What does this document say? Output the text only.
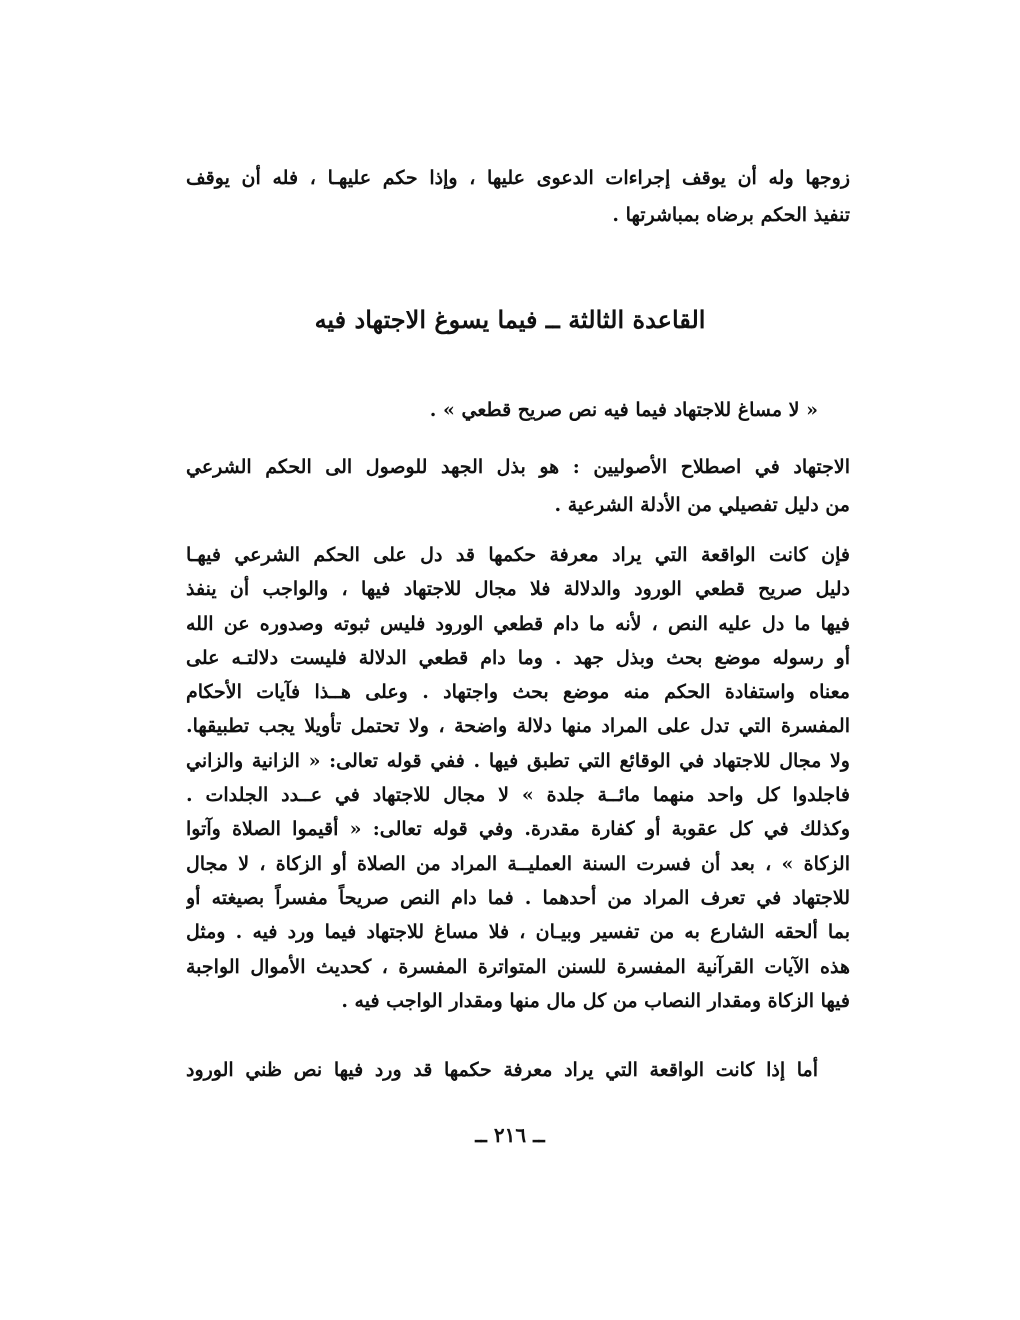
زوجها وله أن يوقف إجراءات الدعوى عليها ، وإذا حكم عليهـا ، فله أن يوقف
تنفيذ الحكم برضاه بمباشرتها .
القاعدة الثالثة ــ فيما يسوغ الاجتهاد فيه
« لا مساغ للاجتهاد فيما فيه نص صريح قطعي » .
الاجتهاد في اصطلاح الأصوليين : هو بذل الجهد للوصول الى الحكم الشرعي
من دليل تفصيلي من الأدلة الشرعية .
فإن كانت الواقعة التي يراد معرفة حكمها قد دل على الحكم الشرعي فيهـا
دليل صريح قطعي الورود والدلالة فلا مجال للاجتهاد فيها ، والواجب أن ينفذ
فيها ما دل عليه النص ، لأنه ما دام قطعي الورود فليس ثبوته وصدوره عن الله
أو رسوله موضع بحث وبذل جهد . وما دام قطعي الدلالة فليست دلالتـه على
معناه واستفادة الحكم منه موضع بحث واجتهاد . وعلى هــذا فآيات الأحكام
المفسرة التي تدل على المراد منها دلالة واضحة ، ولا تحتمل تأويلا يجب تطبيقها.
ولا مجال للاجتهاد في الوقائع التي تطبق فيها . ففي قوله تعالى: « الزانية والزاني
فاجلدوا كل واحد منهما مائــة جلدة » لا مجال للاجتهاد في عــدد الجلدات .
وكذلك في كل عقوبة أو كفارة مقدرة. وفي قوله تعالى: « أقيموا الصلاة وآتوا
الزكاة » ، بعد أن فسرت السنة العمليــة المراد من الصلاة أو الزكاة ، لا مجال
للاجتهاد في تعرف المراد من أحدهما . فما دام النص صريحاً مفسراً بصيغته أو
بما ألحقه الشارع به من تفسير وبيـان ، فلا مساغ للاجتهاد فيما ورد فيه . ومثل
هذه الآيات القرآنية المفسرة للسنن المتواترة المفسرة ، كحديث الأموال الواجبة
فيها الزكاة ومقدار النصاب من كل مال منها ومقدار الواجب فيه .
أما إذا كانت الواقعة التي يراد معرفة حكمها قد ورد فيها نص ظني الورود
ــ ٢١٦ ــ
